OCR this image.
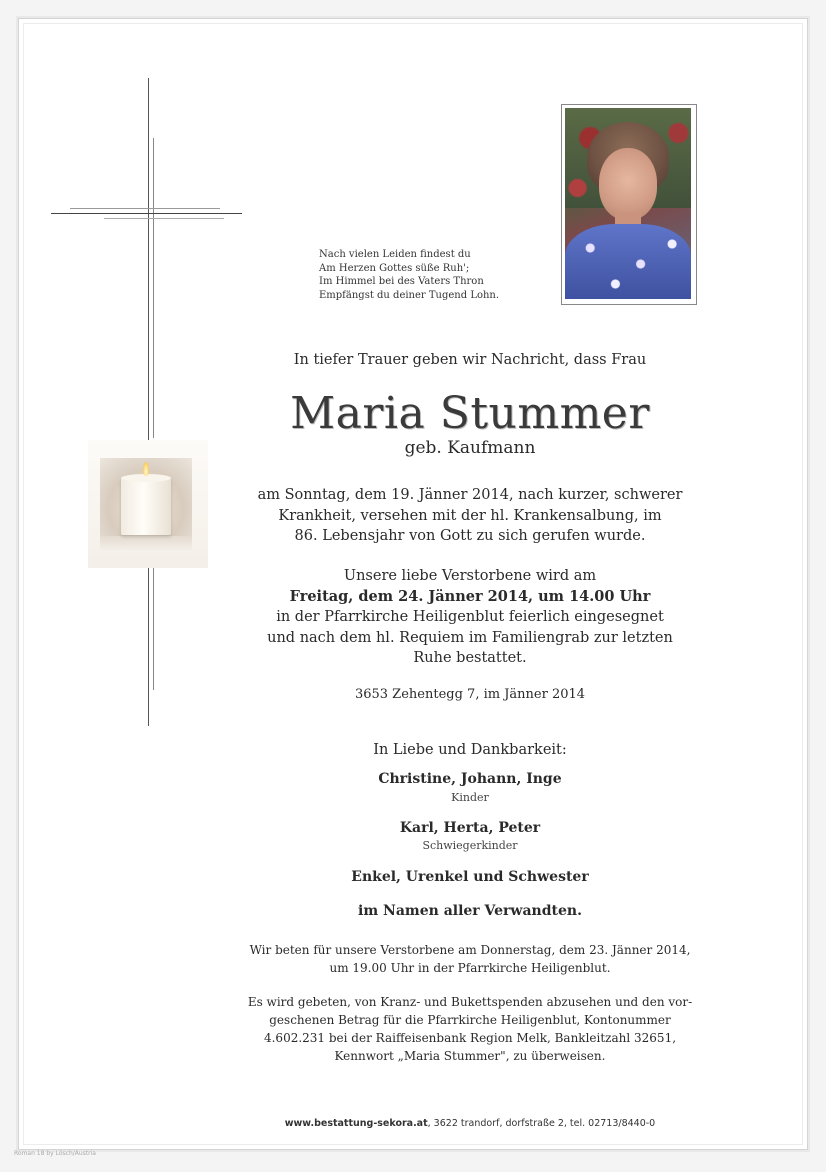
Nach vielen Leiden findest du
Am Herzen Gottes süße Ruh';
Im Himmel bei des Vaters Thron
Empfängst du deiner Tugend Lohn.
In tiefer Trauer geben wir Nachricht, dass Frau
Maria Stummer
geb. Kaufmann
am Sonntag, dem 19. Jänner 2014, nach kurzer, schwerer
Krankheit, versehen mit der hl. Krankensalbung, im
86. Lebensjahr von Gott zu sich gerufen wurde.
Unsere liebe Verstorbene wird am
Freitag, dem 24. Jänner 2014, um 14.00 Uhr
in der Pfarrkirche Heiligenblut feierlich eingesegnet
und nach dem hl. Requiem im Familiengrab zur letzten
Ruhe bestattet.
3653 Zehentegg 7, im Jänner 2014
In Liebe und Dankbarkeit:
Christine, Johann, Inge
Kinder
Karl, Herta, Peter
Schwiegerkinder
Enkel, Urenkel und Schwester
im Namen aller Verwandten.
Wir beten für unsere Verstorbene am Donnerstag, dem 23. Jänner 2014,
um 19.00 Uhr in der Pfarrkirche Heiligenblut.
Es wird gebeten, von Kranz- und Bukettspenden abzusehen und den vor-
geschenen Betrag für die Pfarrkirche Heiligenblut, Kontonummer
4.602.231 bei der Raiffeisenbank Region Melk, Bankleitzahl 32651,
Kennwort „Maria Stummer", zu überweisen.
www.bestattung-sekora.at, 3622 trandorf, dorfstraße 2, tel. 02713/8440-0
Roman 18 by Lösch/Austria
